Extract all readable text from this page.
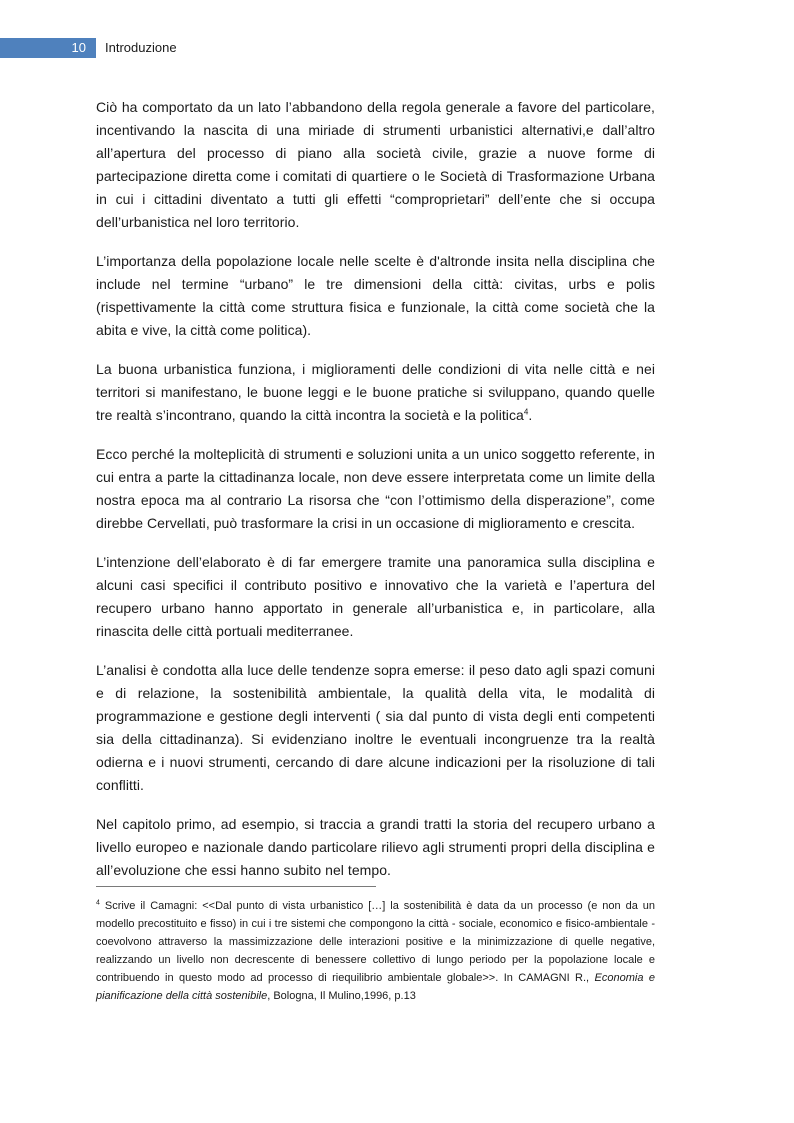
10	Introduzione

Ciò ha comportato da un lato l’abbandono della regola generale a favore del particolare, incentivando la nascita di una miriade di strumenti urbanistici alternativi,e dall’altro all’apertura del processo di piano alla società civile, grazie a nuove forme di partecipazione diretta come i comitati di quartiere o le Società di Trasformazione Urbana in cui i cittadini diventato a tutti gli effetti “comproprietari” dell’ente che si occupa dell’urbanistica nel loro territorio.

L’importanza della popolazione locale nelle scelte è d'altronde insita nella disciplina che include nel termine “urbano” le tre dimensioni della città: civitas, urbs e polis (rispettivamente la città come struttura fisica e funzionale, la città come società che la abita e vive, la città come politica).

La buona urbanistica funziona, i miglioramenti delle condizioni di vita nelle città e nei territori si manifestano, le buone leggi e le buone pratiche si sviluppano, quando quelle tre realtà s’incontrano, quando la città incontra la società e la politica$^4$.

Ecco perché la molteplicità di strumenti e soluzioni unita a un unico soggetto referente, in cui entra a parte la cittadinanza locale, non deve essere interpretata come un limite della nostra epoca ma al contrario La risorsa che “con l’ottimismo della disperazione”, come direbbe Cervellati, può trasformare la crisi in un occasione di miglioramento e crescita.

L’intenzione dell’elaborato è di far emergere tramite una panoramica sulla disciplina e alcuni casi specifici il contributo positivo e innovativo che la varietà e l’apertura del recupero urbano hanno apportato in generale all’urbanistica e, in particolare, alla rinascita delle città portuali mediterranee.

L’analisi è condotta alla luce delle tendenze sopra emerse: il peso dato agli spazi comuni e di relazione, la sostenibilità ambientale, la qualità della vita, le modalità di programmazione e gestione degli interventi ( sia dal punto di vista degli enti competenti sia della cittadinanza). Si evidenziano inoltre le eventuali incongruenze tra la realtà odierna e i nuovi strumenti, cercando di dare alcune indicazioni per la risoluzione di tali conflitti.

Nel capitolo primo, ad esempio, si traccia a grandi tratti la storia del recupero urbano a livello europeo e nazionale dando particolare rilievo agli strumenti propri della disciplina e all’evoluzione che essi hanno subito nel tempo.

$^4$ Scrive il Camagni: <<Dal punto di vista urbanistico […] la sostenibilità è data da un processo (e non da un modello precostituito e fisso) in cui i tre sistemi che compongono la città - sociale, economico e fisico-ambientale - coevolvono attraverso la massimizzazione delle interazioni positive e la minimizzazione di quelle negative, realizzando un livello non decrescente di benessere collettivo di lungo periodo per la popolazione locale e contribuendo in questo modo ad processo di riequilibrio ambientale globale>>. In CAMAGNI R., Economia e pianificazione della città sostenibile, Bologna, Il Mulino,1996, p.13
